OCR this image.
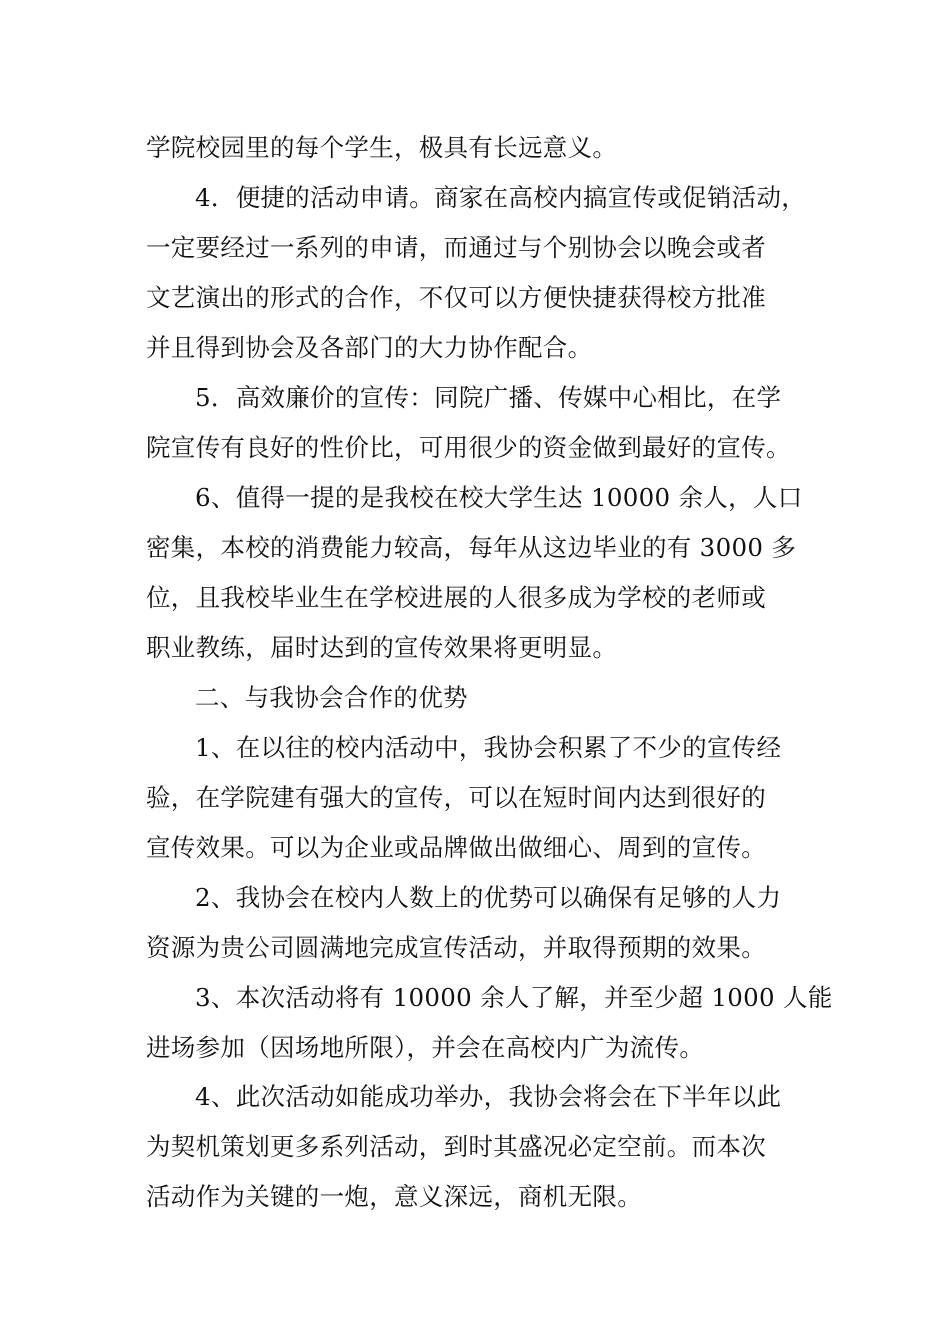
学院校园里的每个学生，极具有长远意义。
4．便捷的活动申请。商家在高校内搞宣传或促销活动，
一定要经过一系列的申请，而通过与个别协会以晚会或者
文艺演出的形式的合作，不仅可以方便快捷获得校方批准
并且得到协会及各部门的大力协作配合。
5．高效廉价的宣传：同院广播、传媒中心相比，在学
院宣传有良好的性价比，可用很少的资金做到最好的宣传。
6、值得一提的是我校在校大学生达 10000 余人，人口
密集，本校的消费能力较高，每年从这边毕业的有 3000 多
位，且我校毕业生在学校进展的人很多成为学校的老师或
职业教练，届时达到的宣传效果将更明显。
二、与我协会合作的优势
1、在以往的校内活动中，我协会积累了不少的宣传经
验，在学院建有强大的宣传，可以在短时间内达到很好的
宣传效果。可以为企业或品牌做出做细心、周到的宣传。
2、我协会在校内人数上的优势可以确保有足够的人力
资源为贵公司圆满地完成宣传活动，并取得预期的效果。
3、本次活动将有 10000 余人了解，并至少超 1000 人能
进场参加（因场地所限），并会在高校内广为流传。
4、此次活动如能成功举办，我协会将会在下半年以此
为契机策划更多系列活动，到时其盛况必定空前。而本次
活动作为关键的一炮，意义深远，商机无限。
